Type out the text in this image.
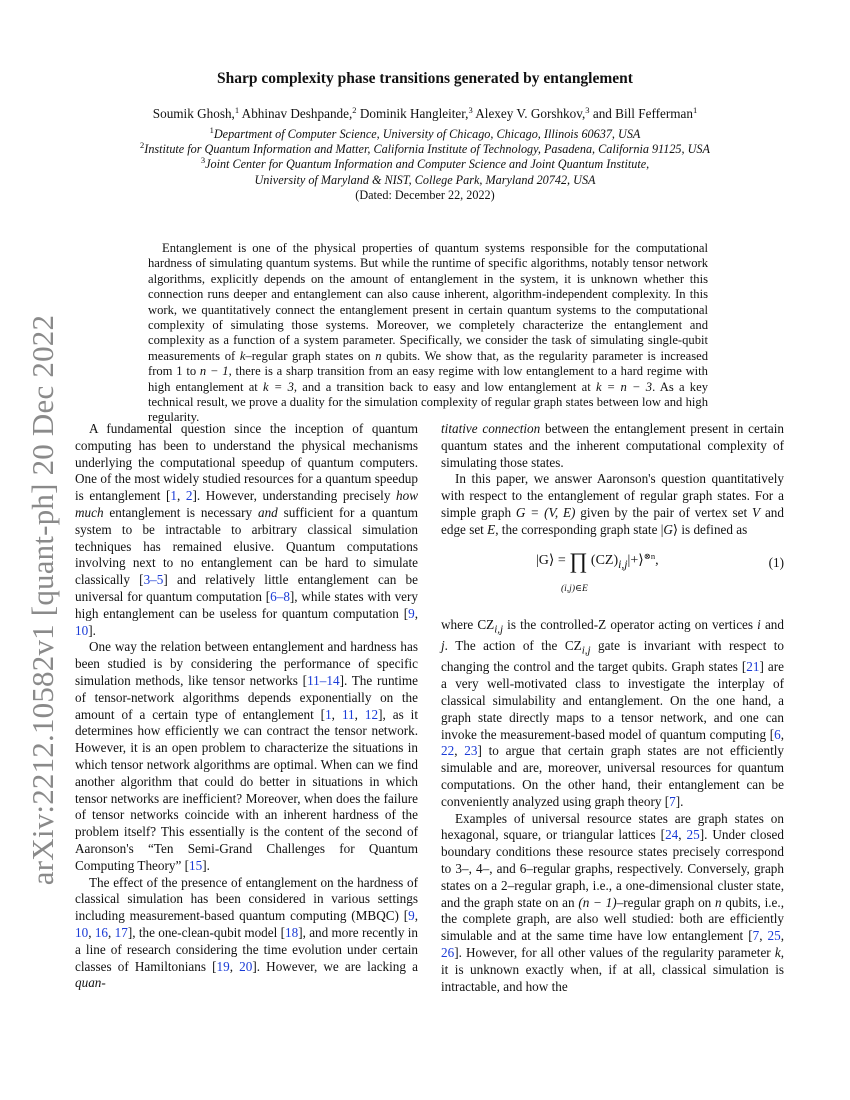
arXiv:2212.10582v1 [quant-ph] 20 Dec 2022
Sharp complexity phase transitions generated by entanglement
Soumik Ghosh,$^1$ Abhinav Deshpande,$^2$ Dominik Hangleiter,$^3$ Alexey V. Gorshkov,$^3$ and Bill Fefferman$^1$
$^1$Department of Computer Science, University of Chicago, Chicago, Illinois 60637, USA
$^2$Institute for Quantum Information and Matter, California Institute of Technology, Pasadena, California 91125, USA
$^3$Joint Center for Quantum Information and Computer Science and Joint Quantum Institute,
University of Maryland & NIST, College Park, Maryland 20742, USA
(Dated: December 22, 2022)
Entanglement is one of the physical properties of quantum systems responsible for the computational hardness of simulating quantum systems. But while the runtime of specific algorithms, notably tensor network algorithms, explicitly depends on the amount of entanglement in the system, it is unknown whether this connection runs deeper and entanglement can also cause inherent, algorithm-independent complexity. In this work, we quantitatively connect the entanglement present in certain quantum systems to the computational complexity of simulating those systems. Moreover, we completely characterize the entanglement and complexity as a function of a system parameter. Specifically, we consider the task of simulating single-qubit measurements of k–regular graph states on n qubits. We show that, as the regularity parameter is increased from 1 to n − 1, there is a sharp transition from an easy regime with low entanglement to a hard regime with high entanglement at k = 3, and a transition back to easy and low entanglement at k = n − 3. As a key technical result, we prove a duality for the simulation complexity of regular graph states between low and high regularity.

A fundamental question since the inception of quantum computing has been to understand the physical mechanisms underlying the computational speedup of quantum computers. One of the most widely studied resources for a quantum speedup is entanglement [1, 2]. However, understanding precisely how much entanglement is necessary and sufficient for a quantum system to be intractable to arbitrary classical simulation techniques has remained elusive. Quantum computations involving next to no entanglement can be hard to simulate classically [3–5] and relatively little entanglement can be universal for quantum computation [6–8], while states with very high entanglement can be useless for quantum computation [9, 10].

One way the relation between entanglement and hardness has been studied is by considering the performance of specific simulation methods, like tensor networks [11–14]. The runtime of tensor-network algorithms depends exponentially on the amount of a certain type of entanglement [1, 11, 12], as it determines how efficiently we can contract the tensor network. However, it is an open problem to characterize the situations in which tensor network algorithms are optimal. When can we find another algorithm that could do better in situations in which tensor networks are inefficient? Moreover, when does the failure of tensor networks coincide with an inherent hardness of the problem itself? This essentially is the content of the second of Aaronson's “Ten Semi-Grand Challenges for Quantum Computing Theory” [15].

The effect of the presence of entanglement on the hardness of classical simulation has been considered in various settings including measurement-based quantum computing (MBQC) [9, 10, 16, 17], the one-clean-qubit model [18], and more recently in a line of research considering the time evolution under certain classes of Hamiltonians [19, 20]. However, we are lacking a quan-

titative connection between the entanglement present in certain quantum states and the inherent computational complexity of simulating those states.

In this paper, we answer Aaronson's question quantitatively with respect to the entanglement of regular graph states. For a simple graph G = (V, E) given by the pair of vertex set V and edge set E, the corresponding graph state |G⟩ is defined as

|G⟩ = ∏ $(CZ)_{i,j}|+⟩^{\otimes n}$,
(i,j)∈E
(1)

where $CZ_{i,j}$ is the controlled-Z operator acting on vertices i and j. The action of the $CZ_{i,j}$ gate is invariant with respect to changing the control and the target qubits. Graph states [21] are a very well-motivated class to investigate the interplay of classical simulability and entanglement. On the one hand, a graph state directly maps to a tensor network, and one can invoke the measurement-based model of quantum computing [6, 22, 23] to argue that certain graph states are not efficiently simulable and are, moreover, universal resources for quantum computations. On the other hand, their entanglement can be conveniently analyzed using graph theory [7].

Examples of universal resource states are graph states on hexagonal, square, or triangular lattices [24, 25]. Under closed boundary conditions these resource states precisely correspond to 3–, 4–, and 6–regular graphs, respectively. Conversely, graph states on a 2–regular graph, i.e., a one-dimensional cluster state, and the graph state on an (n − 1)–regular graph on n qubits, i.e., the complete graph, are also well studied: both are efficiently simulable and at the same time have low entanglement [7, 25, 26]. However, for all other values of the regularity parameter k, it is unknown exactly when, if at all, classical simulation is intractable, and how the
